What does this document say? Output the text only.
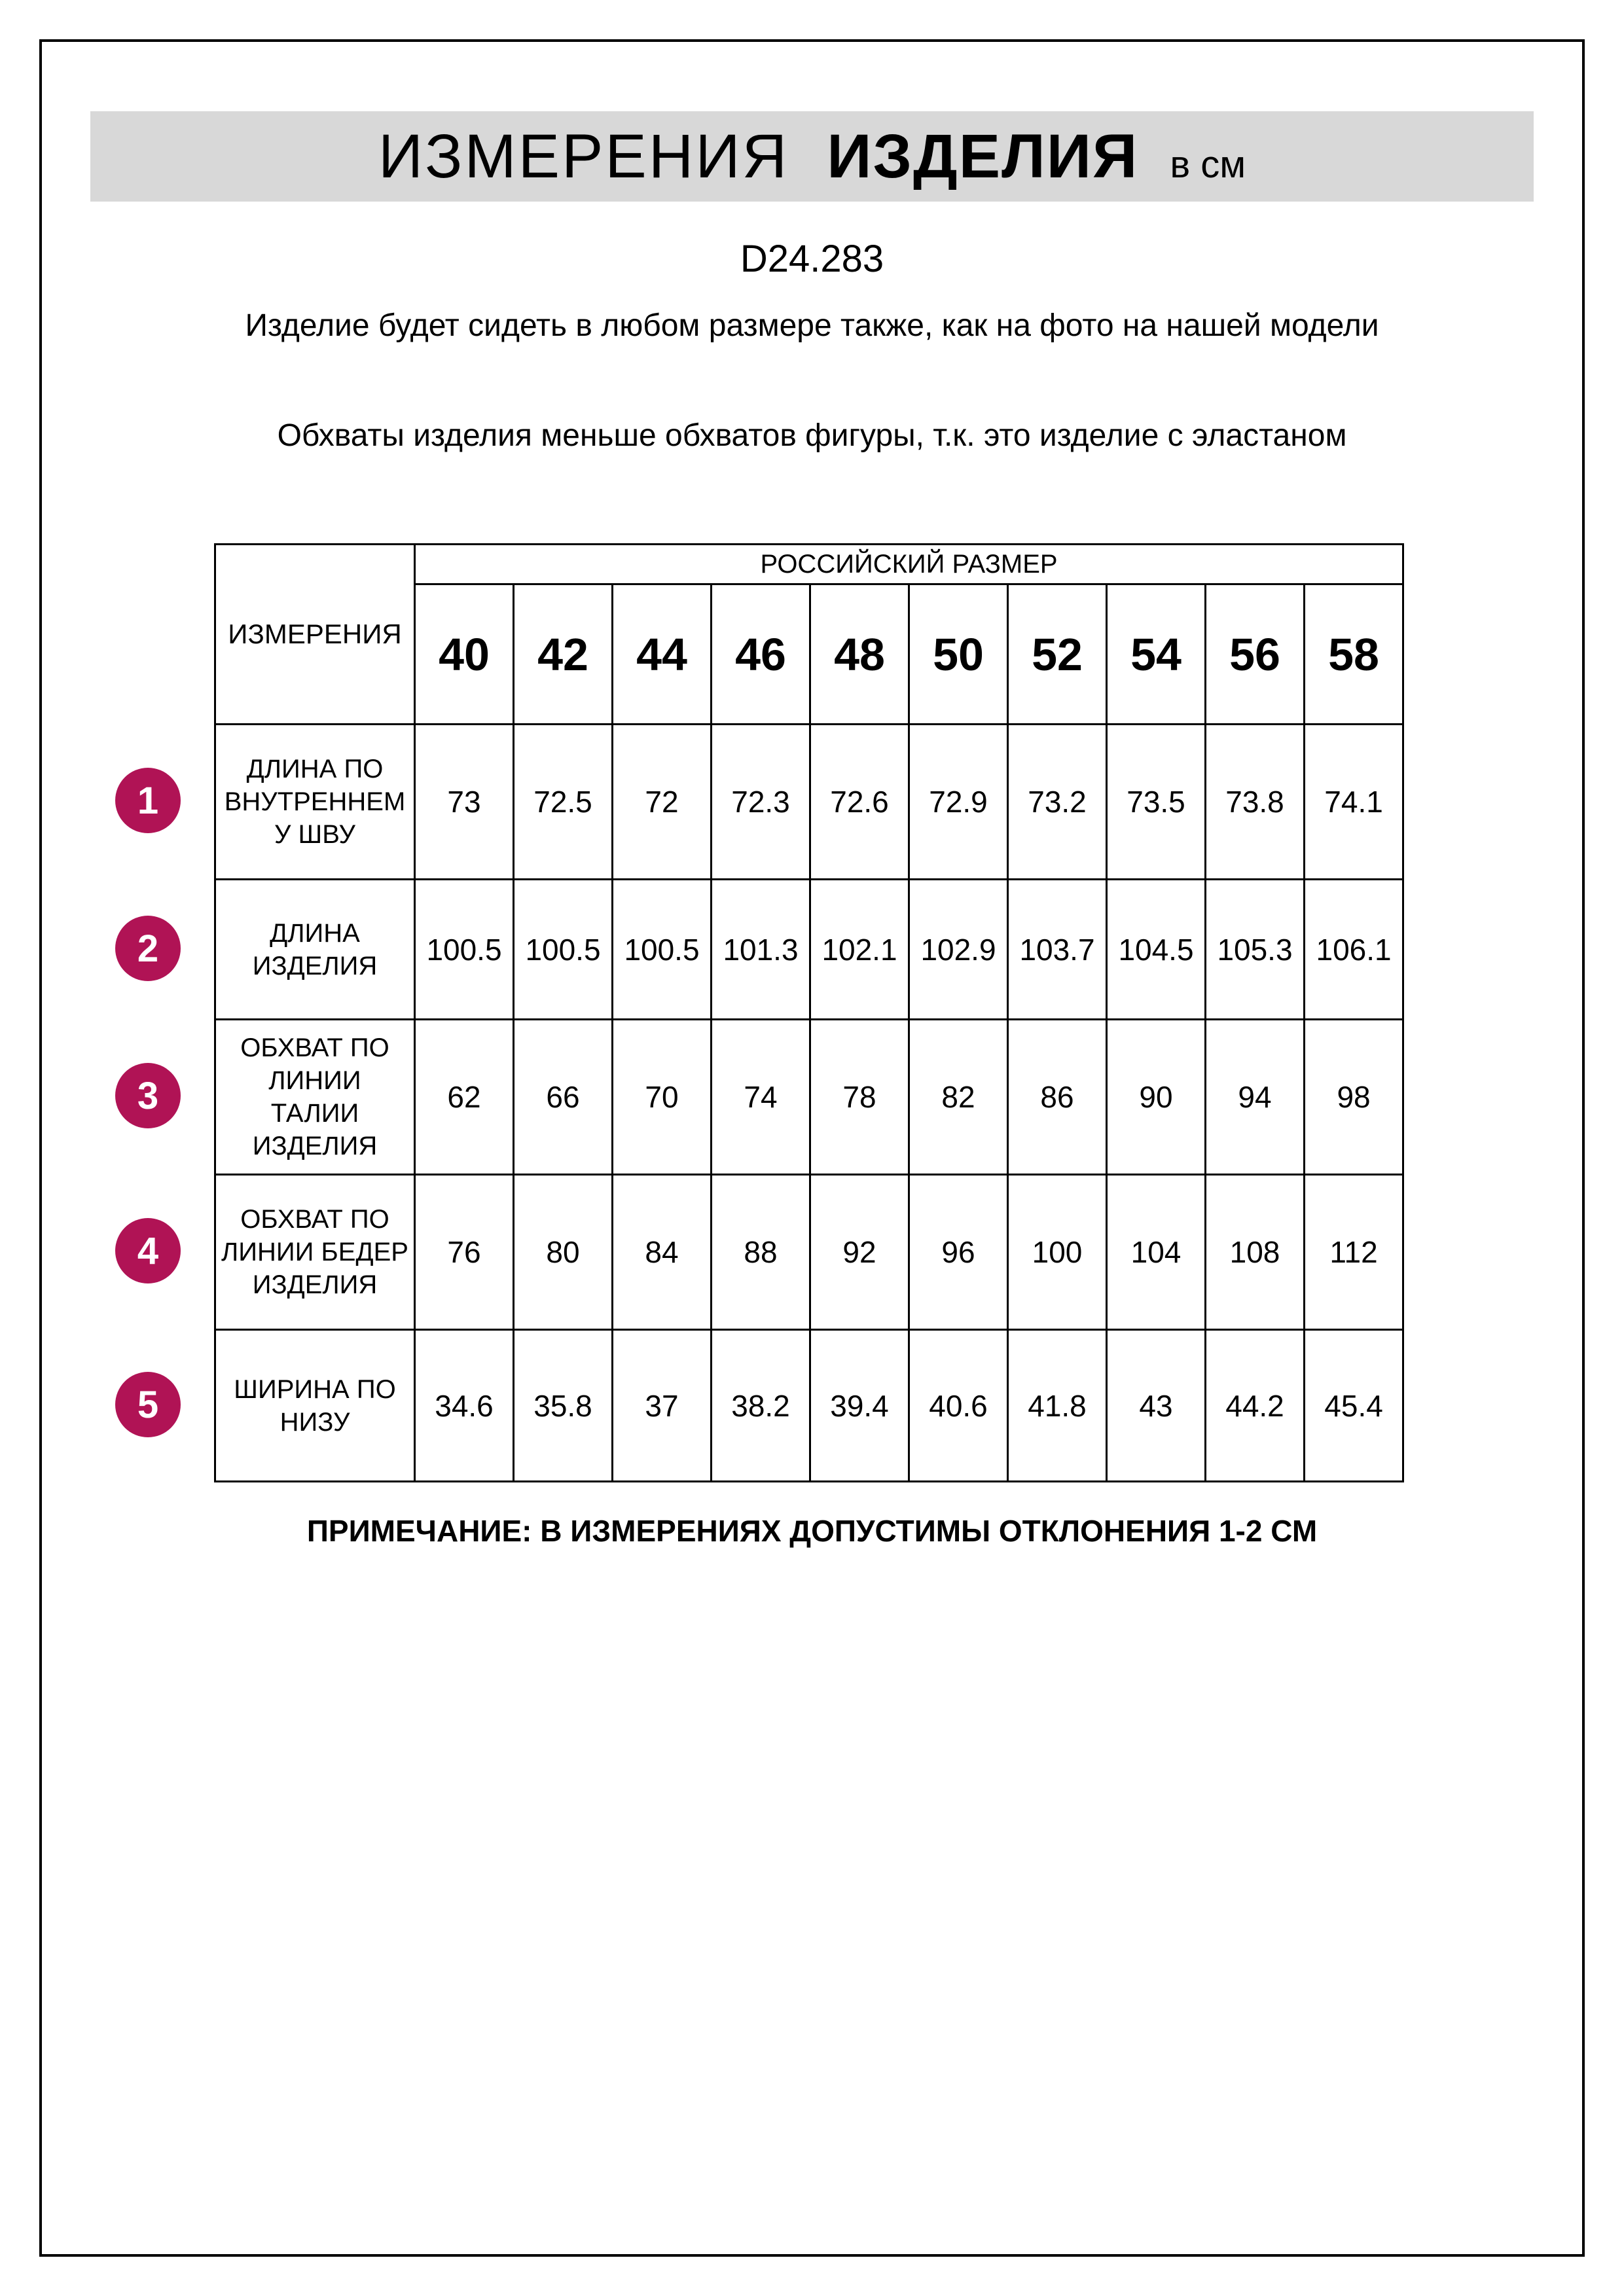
ИЗМЕРЕНИЯ ИЗДЕЛИЯ в см
D24.283
Изделие будет сидеть в любом размере также, как на фото на нашей модели
Обхваты изделия меньше обхватов фигуры, т.к. это изделие с эластаном
ИЗМЕРЕНИЯ	РОССИЙСКИЙ РАЗМЕР									
	40	42	44	46	48	50	52	54	56	58
ДЛИНА ПО ВНУТРЕННЕМУ ШВУ	73	72.5	72	72.3	72.6	72.9	73.2	73.5	73.8	74.1
ДЛИНА ИЗДЕЛИЯ	100.5	100.5	100.5	101.3	102.1	102.9	103.7	104.5	105.3	106.1
ОБХВАТ ПО ЛИНИИ ТАЛИИ ИЗДЕЛИЯ	62	66	70	74	78	82	86	90	94	98
ОБХВАТ ПО ЛИНИИ БЕДЕР ИЗДЕЛИЯ	76	80	84	88	92	96	100	104	108	112
ШИРИНА ПО НИЗУ	34.6	35.8	37	38.2	39.4	40.6	41.8	43	44.2	45.4
1
2
3
4
5
ПРИМЕЧАНИЕ: В ИЗМЕРЕНИЯХ ДОПУСТИМЫ ОТКЛОНЕНИЯ 1-2 СМ
